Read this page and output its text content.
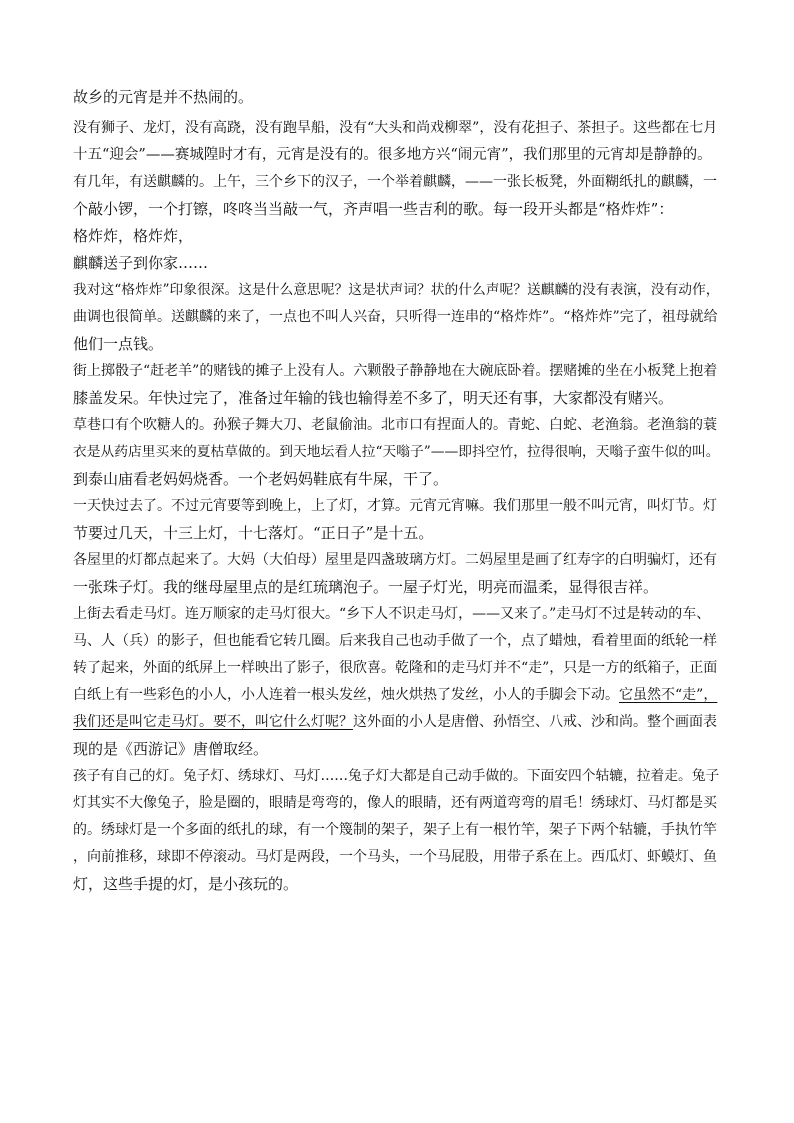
故乡的元宵是并不热闹的。
没有狮子、龙灯，没有高跷，没有跑旱船，没有“大头和尚戏柳翠”，没有花担子、茶担子。这些都在七月
十五“迎会”——赛城隍时才有，元宵是没有的。很多地方兴“闹元宵”，我们那里的元宵却是静静的。
有几年，有送麒麟的。上午，三个乡下的汉子，一个举着麒麟，——一张长板凳，外面糊纸扎的麒麟，一
个敲小锣，一个打镲，咚咚当当敲一气，齐声唱一些吉利的歌。每一段开头都是“格炸炸”：
格炸炸，格炸炸，
麒麟送子到你家……
我对这“格炸炸”印象很深。这是什么意思呢？这是状声词？状的什么声呢？送麒麟的没有表演，没有动作，
曲调也很简单。送麒麟的来了，一点也不叫人兴奋，只听得一连串的“格炸炸”。“格炸炸”完了，祖母就给
他们一点钱。
街上掷骰子“赶老羊”的赌钱的摊子上没有人。六颗骰子静静地在大碗底卧着。摆赌摊的坐在小板凳上抱着
膝盖发呆。年快过完了，准备过年输的钱也输得差不多了，明天还有事，大家都没有赌兴。
草巷口有个吹糖人的。孙猴子舞大刀、老鼠偷油。北市口有捏面人的。青蛇、白蛇、老渔翁。老渔翁的蓑
衣是从药店里买来的夏枯草做的。到天地坛看人拉“天嗡子”——即抖空竹，拉得很响，天嗡子蛮牛似的叫。
到泰山庙看老妈妈烧香。一个老妈妈鞋底有牛屎，干了。
一天快过去了。不过元宵要等到晚上，上了灯，才算。元宵元宵嘛。我们那里一般不叫元宵，叫灯节。灯
节要过几天，十三上灯，十七落灯。“正日子”是十五。
各屋里的灯都点起来了。大妈（大伯母）屋里是四盏玻璃方灯。二妈屋里是画了红寿字的白明骗灯，还有
一张珠子灯。我的继母屋里点的是红琉璃泡子。一屋子灯光，明亮而温柔，显得很吉祥。
上街去看走马灯。连万顺家的走马灯很大。“乡下人不识走马灯，——又来了。”走马灯不过是转动的车、
马、人（兵）的影子，但也能看它转几圈。后来我自己也动手做了一个，点了蜡烛，看着里面的纸轮一样
转了起来，外面的纸屏上一样映出了影子，很欣喜。乾隆和的走马灯并不“走”，只是一方的纸箱子，正面
白纸上有一些彩色的小人，小人连着一根头发丝，烛火烘热了发丝，小人的手脚会下动。它虽然不“走”，
我们还是叫它走马灯。要不，叫它什么灯呢？这外面的小人是唐僧、孙悟空、八戒、沙和尚。整个画面表
现的是《西游记》唐僧取经。
孩子有自己的灯。兔子灯、绣球灯、马灯……兔子灯大都是自己动手做的。下面安四个轱辘，拉着走。兔子
灯其实不大像兔子，脸是圈的，眼睛是弯弯的，像人的眼睛，还有两道弯弯的眉毛！绣球灯、马灯都是买
的。绣球灯是一个多面的纸扎的球，有一个篾制的架子，架子上有一根竹竿，架子下两个轱辘，手执竹竿
，向前推移，球即不停滚动。马灯是两段，一个马头，一个马屁股，用带子系在上。西瓜灯、虾蟆灯、鱼
灯，这些手提的灯，是小孩玩的。
